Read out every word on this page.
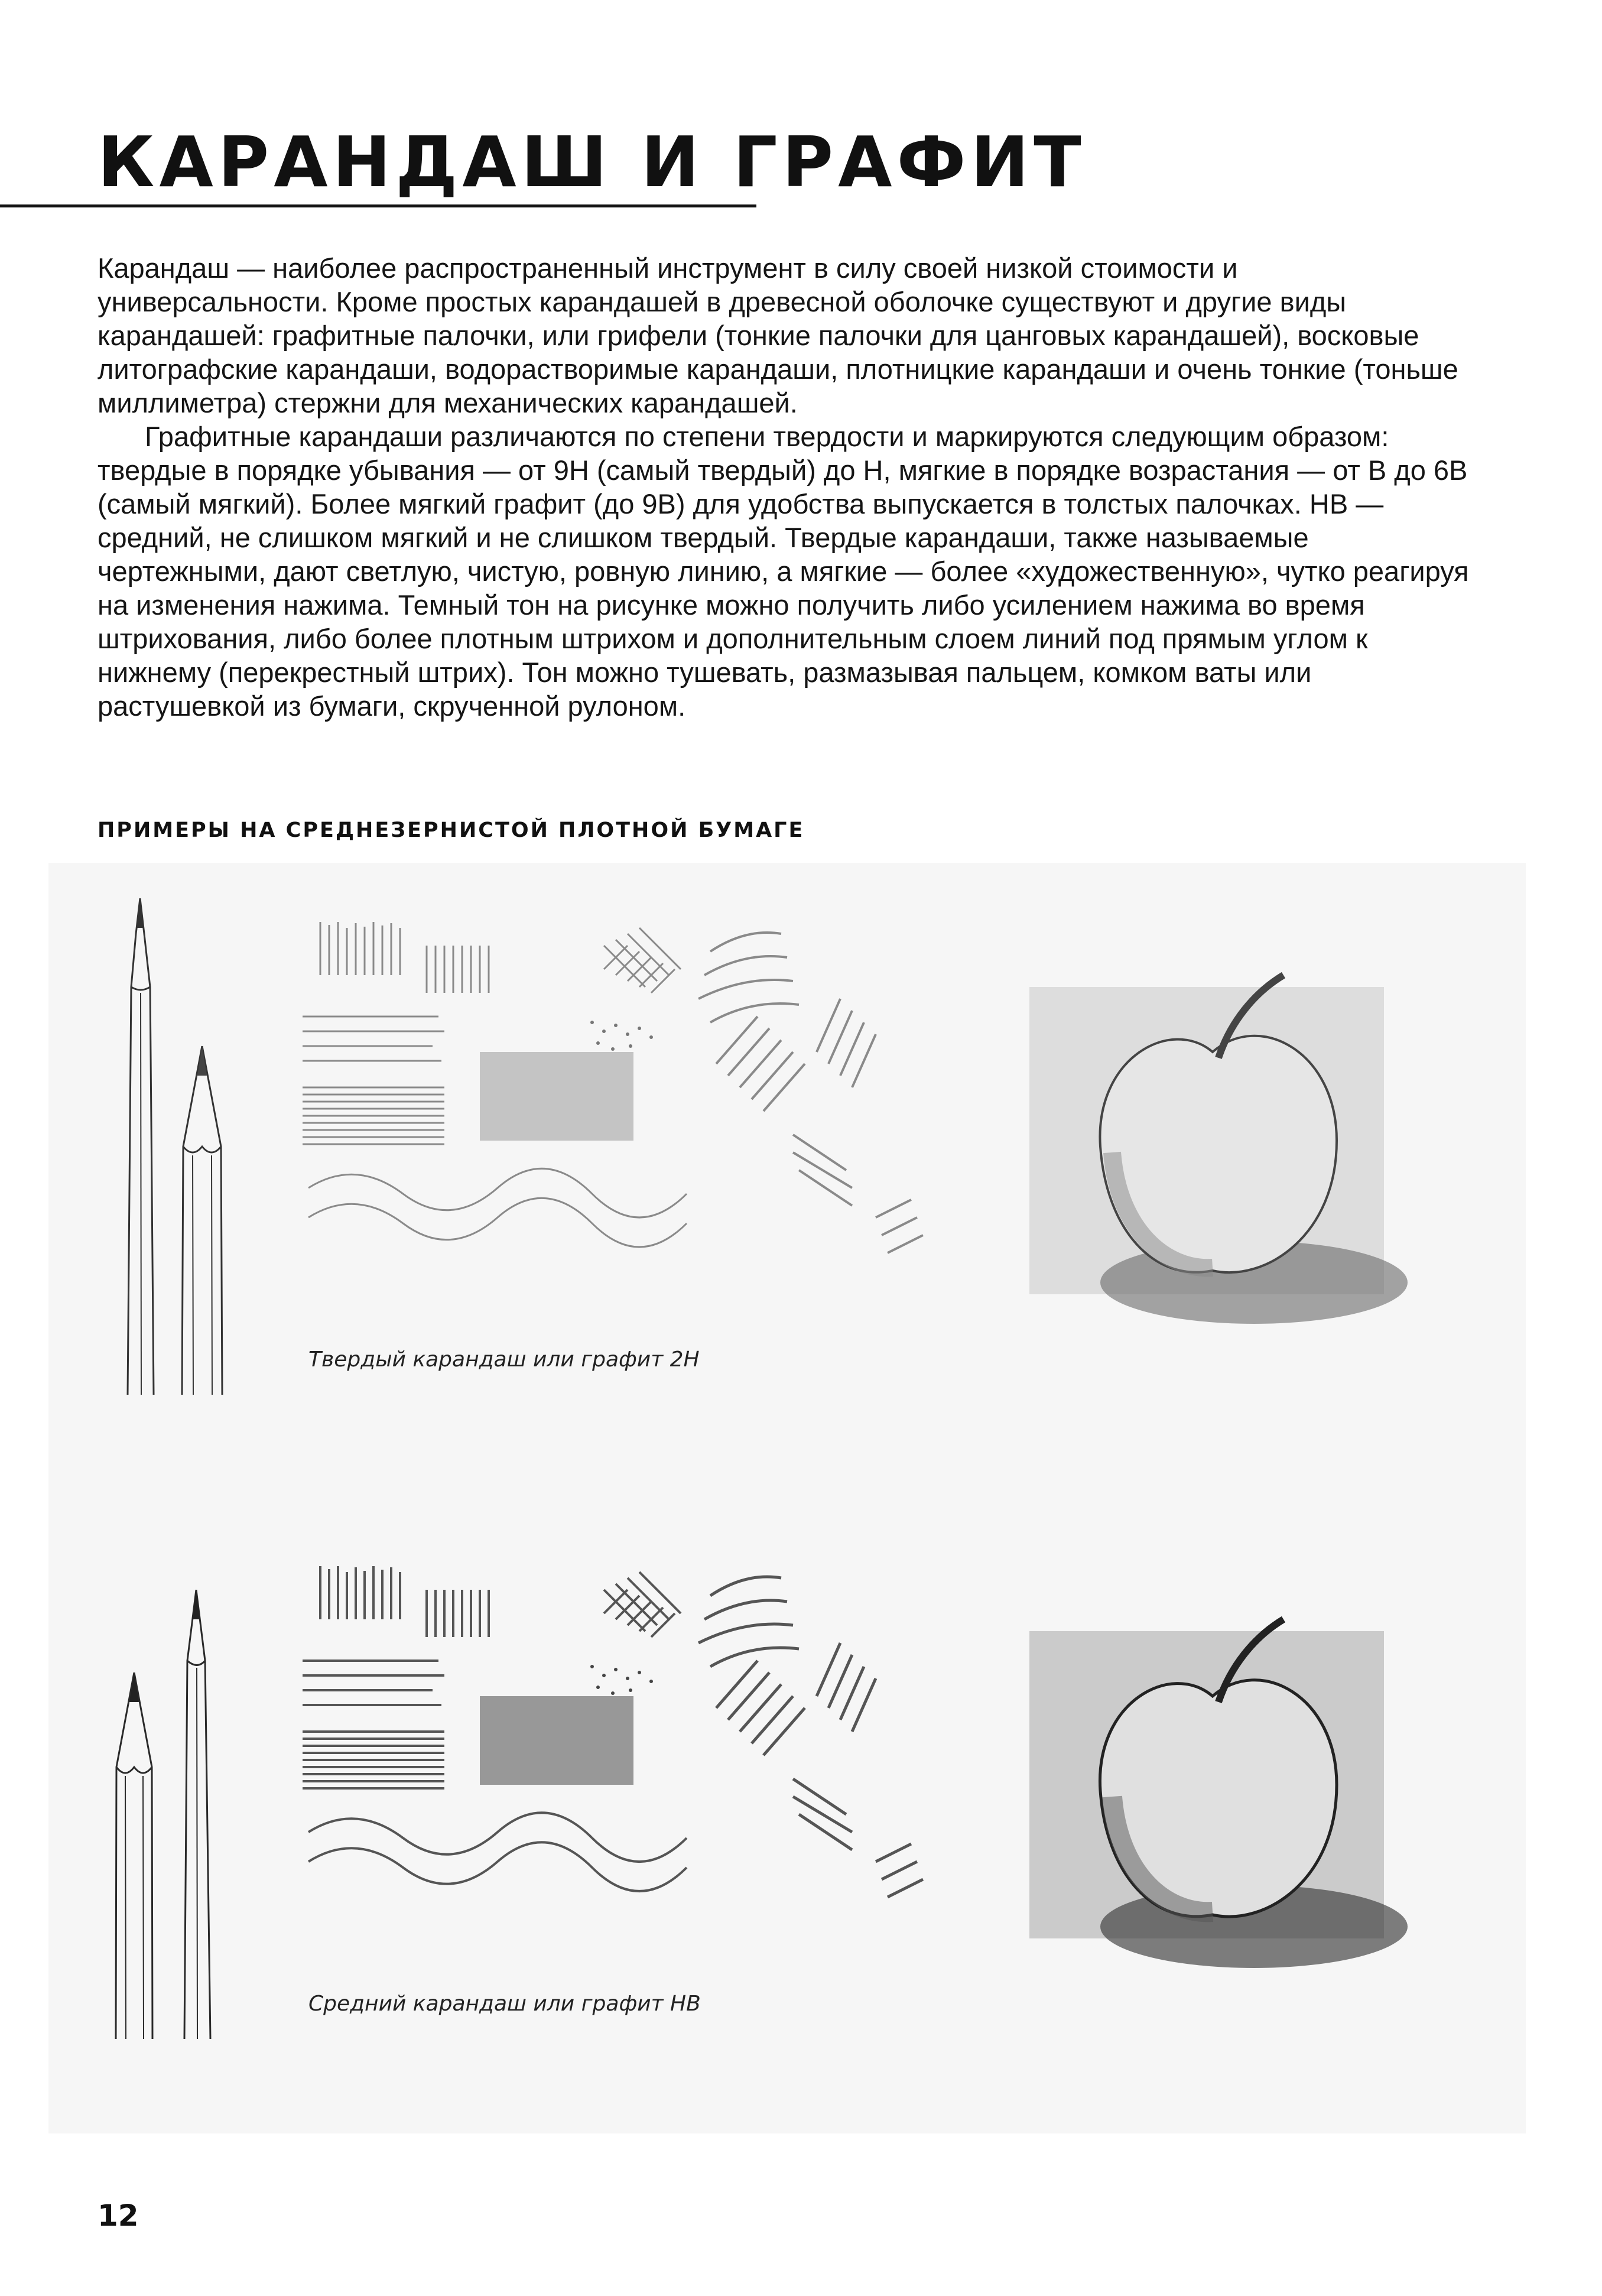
КАРАНДАШ И ГРАФИТ

Карандаш — наиболее распространенный инструмент в силу своей низкой стоимости и универсальности. Кроме простых карандашей в древесной оболочке существуют и другие виды карандашей: графитные палочки, или грифели (тонкие палочки для цанговых карандашей), восковые литографские карандаши, водорастворимые карандаши, плотницкие карандаши и очень тонкие (тоньше миллиметра) стержни для механических карандашей.

Графитные карандаши различаются по степени твердости и маркируются следующим образом: твердые в порядке убывания — от 9Н (самый твердый) до Н, мягкие в порядке возрастания — от В до 6В (самый мягкий). Более мягкий графит (до 9В) для удобства выпускается в толстых палочках. НВ — средний, не слишком мягкий и не слишком твердый. Твердые карандаши, также называемые чертежными, дают светлую, чистую, ровную линию, а мягкие — более «художественную», чутко реагируя на изменения нажима. Темный тон на рисунке можно получить либо усилением нажима во время штрихования, либо более плотным штрихом и дополнительным слоем линий под прямым углом к нижнему (перекрестный штрих). Тон можно тушевать, размазывая пальцем, комком ваты или растушевкой из бумаги, скрученной рулоном.

ПРИМЕРЫ НА СРЕДНЕЗЕРНИСТОЙ ПЛОТНОЙ БУМАГЕ

Твердый карандаш или графит 2Н

Средний карандаш или графит НВ

12
